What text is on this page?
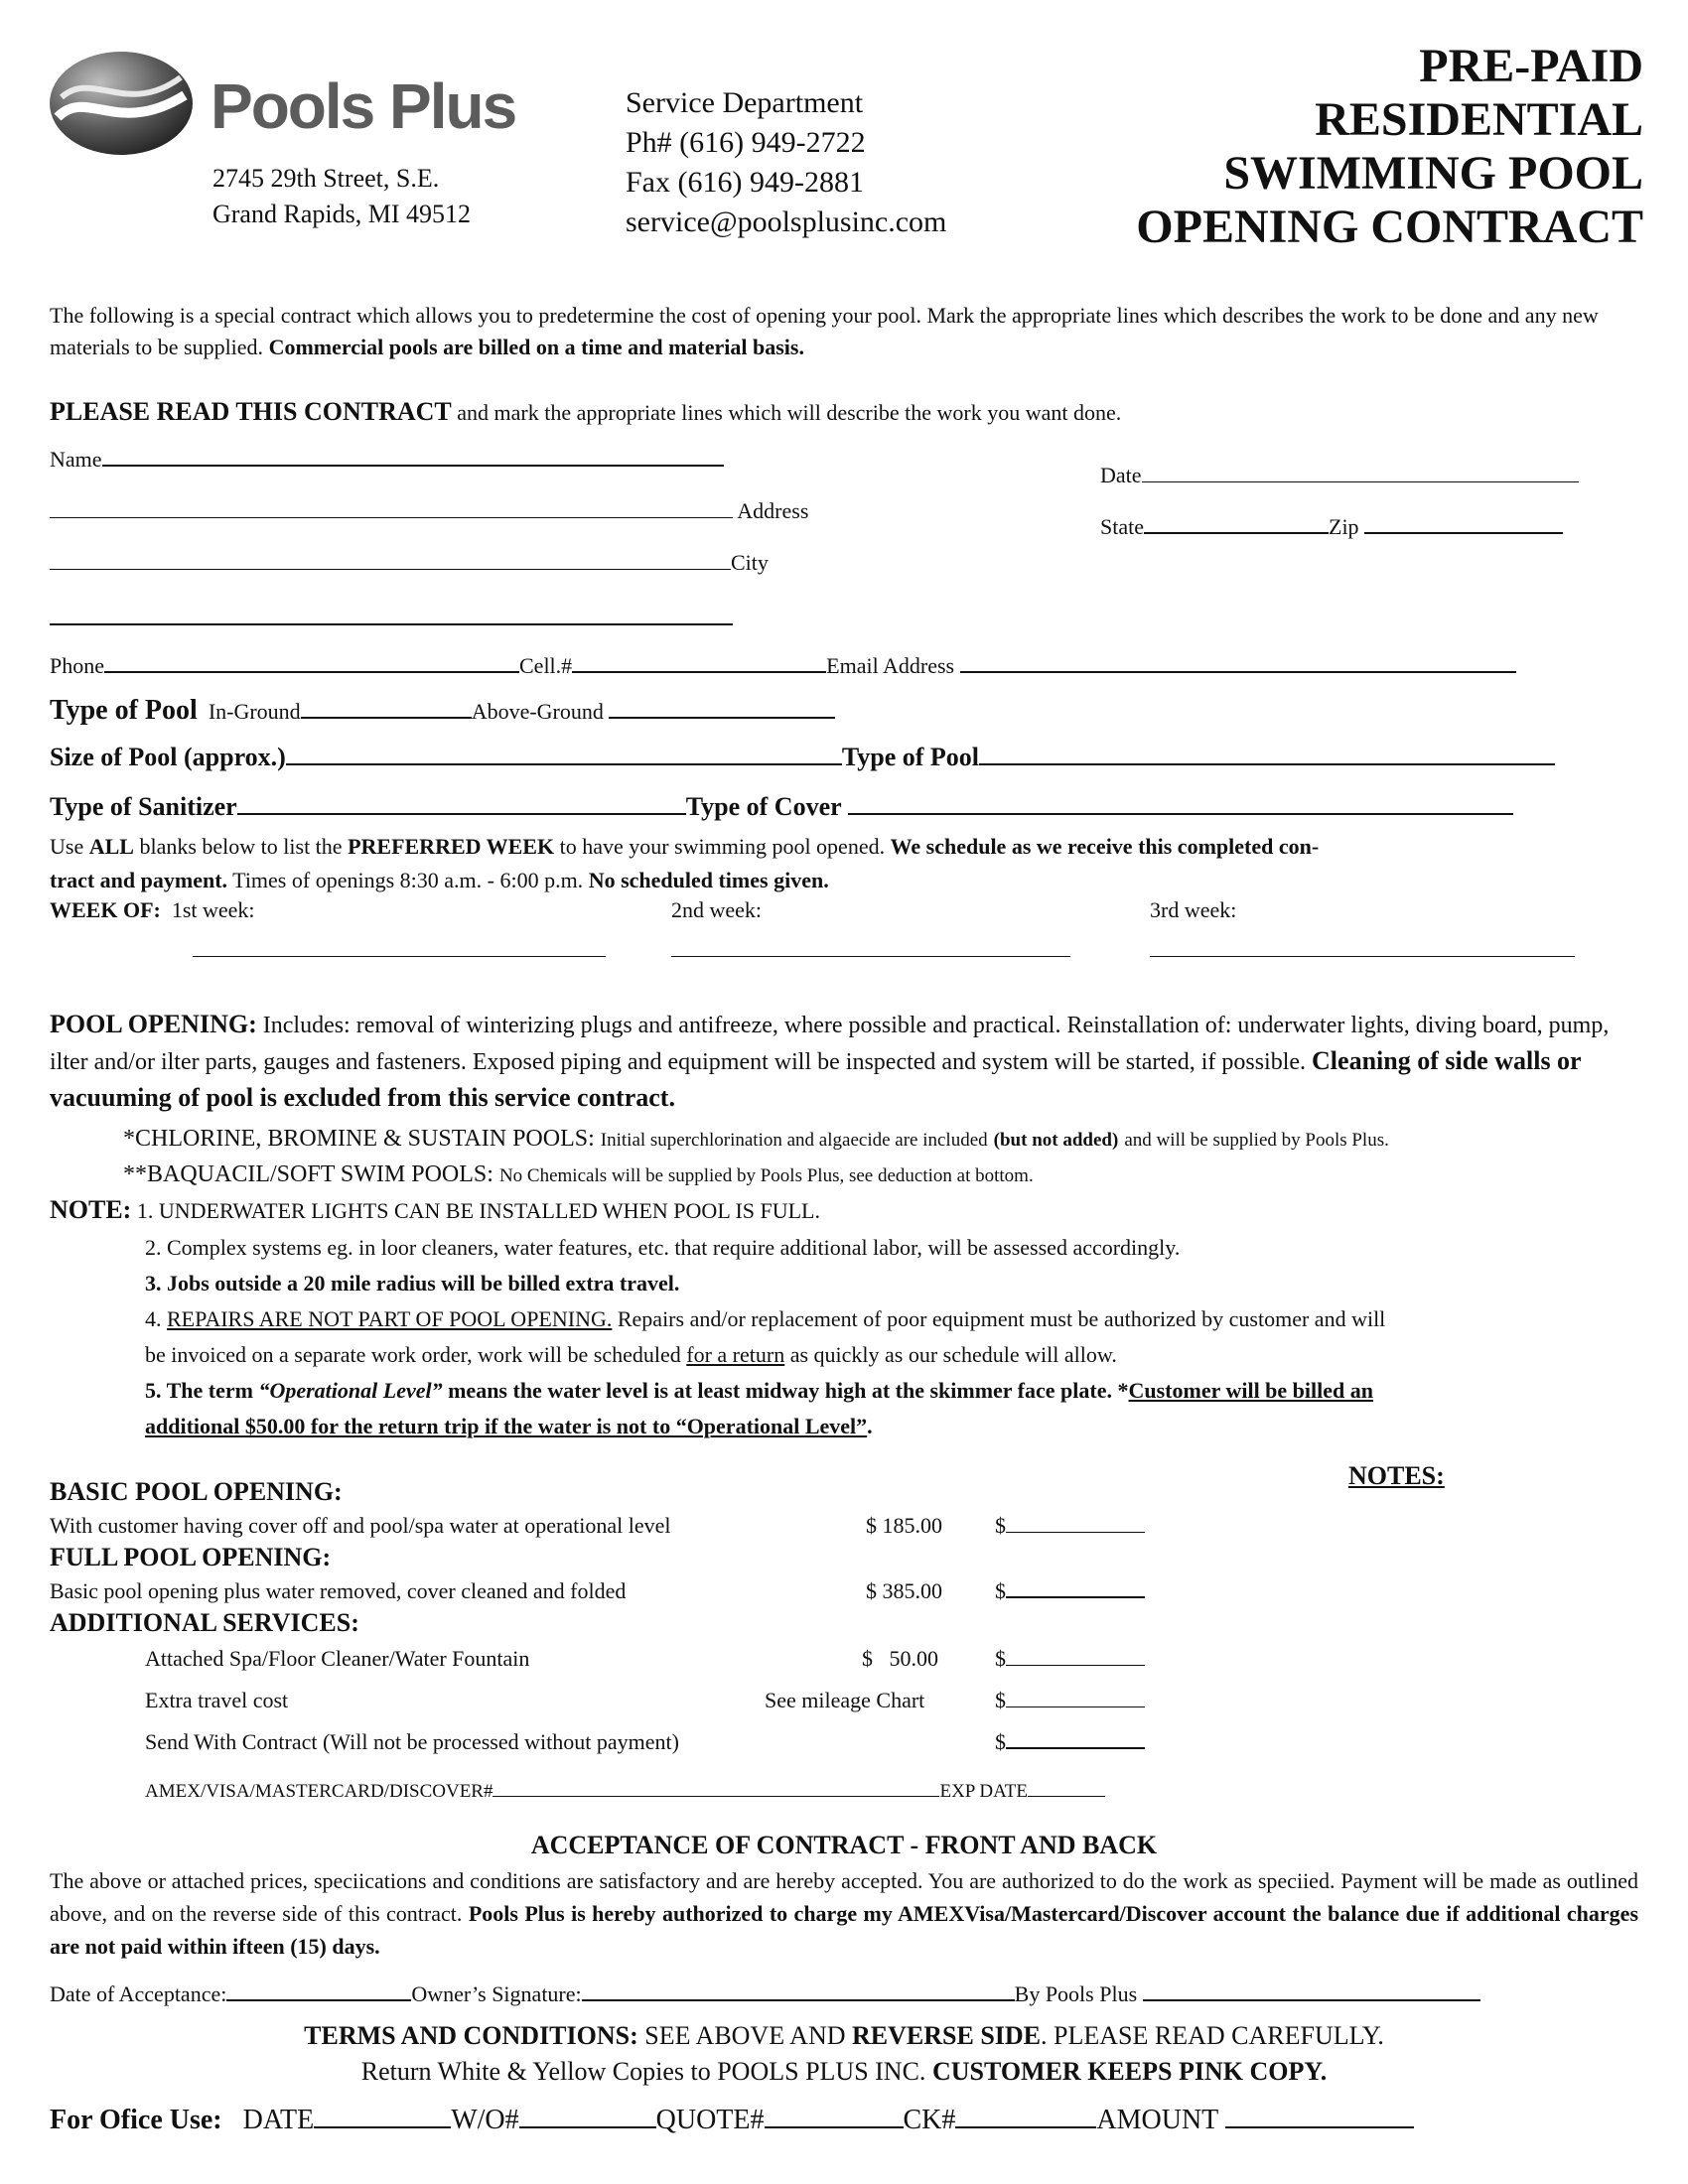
Pools Plus
2745 29th Street, S.E.
Grand Rapids, MI 49512
Service Department
Ph# (616) 949-2722
Fax (616) 949-2881
service@poolsplusinc.com
PRE-PAID
RESIDENTIAL
SWIMMING POOL
OPENING CONTRACT
The following is a special contract which allows you to predetermine the cost of opening your pool. Mark the appropriate lines which describes the work to be done and any new materials to be supplied. Commercial pools are billed on a time and material basis.
PLEASE READ THIS CONTRACT and mark the appropriate lines which will describe the work you want done.
Name
Date
Address
State	Zip
City
Phone	Cell.#	Email Address
Type of Pool In-Ground	Above-Ground
Size of Pool (approx.)	Type of Pool
Type of Sanitizer	Type of Cover
Use ALL blanks below to list the PREFERRED WEEK to have your swimming pool opened. We schedule as we receive this completed con-
tract and payment. Times of openings 8:30 a.m. - 6:00 p.m. No scheduled times given.
WEEK OF: 1st week:	2nd week:	3rd week:
POOL OPENING: Includes: removal of winterizing plugs and antifreeze, where possible and practical. Reinstallation of: underwater lights, diving board, pump, ilter and/or ilter parts, gauges and fasteners. Exposed piping and equipment will be inspected and system will be started, if possible. Cleaning of side walls or vacuuming of pool is excluded from this service contract.
*CHLORINE, BROMINE & SUSTAIN POOLS: Initial superchlorination and algaecide are included (but not added) and will be supplied by Pools Plus.
**BAQUACIL/SOFT SWIM POOLS: No Chemicals will be supplied by Pools Plus, see deduction at bottom.
NOTE: 1. UNDERWATER LIGHTS CAN BE INSTALLED WHEN POOL IS FULL.
2. Complex systems eg. in loor cleaners, water features, etc. that require additional labor, will be assessed accordingly.
3. Jobs outside a 20 mile radius will be billed extra travel.
4. REPAIRS ARE NOT PART OF POOL OPENING. Repairs and/or replacement of poor equipment must be authorized by customer and will
be invoiced on a separate work order, work will be scheduled for a return as quickly as our schedule will allow.
5. The term “Operational Level” means the water level is at least midway high at the skimmer face plate. *Customer will be billed an
additional $50.00 for the return trip if the water is not to “Operational Level”.
NOTES:
BASIC POOL OPENING:
With customer having cover off and pool/spa water at operational level	$ 185.00 $
FULL POOL OPENING:
Basic pool opening plus water removed, cover cleaned and folded	$ 385.00 $
ADDITIONAL SERVICES:
Attached Spa/Floor Cleaner/Water Fountain	$   50.00	$
Extra travel cost	See mileage Chart	$
Send With Contract (Will not be processed without payment)	$
AMEX/VISA/MASTERCARD/DISCOVER#	EXP DATE
ACCEPTANCE OF CONTRACT - FRONT AND BACK
The above or attached prices, speciications and conditions are satisfactory and are hereby accepted. You are authorized to do the work as speciied. Payment will be made as outlined above, and on the reverse side of this contract. Pools Plus is hereby authorized to charge my AMEXVisa/Mastercard/Discover account the balance due if additional charges are not paid within ifteen (15) days.
Date of Acceptance:	Owner’s Signature:	By Pools Plus
TERMS AND CONDITIONS: SEE ABOVE AND REVERSE SIDE. PLEASE READ CAREFULLY.
Return White & Yellow Copies to POOLS PLUS INC. CUSTOMER KEEPS PINK COPY.
For Ofice Use: DATE	W/O#	QUOTE#	CK#	AMOUNT
